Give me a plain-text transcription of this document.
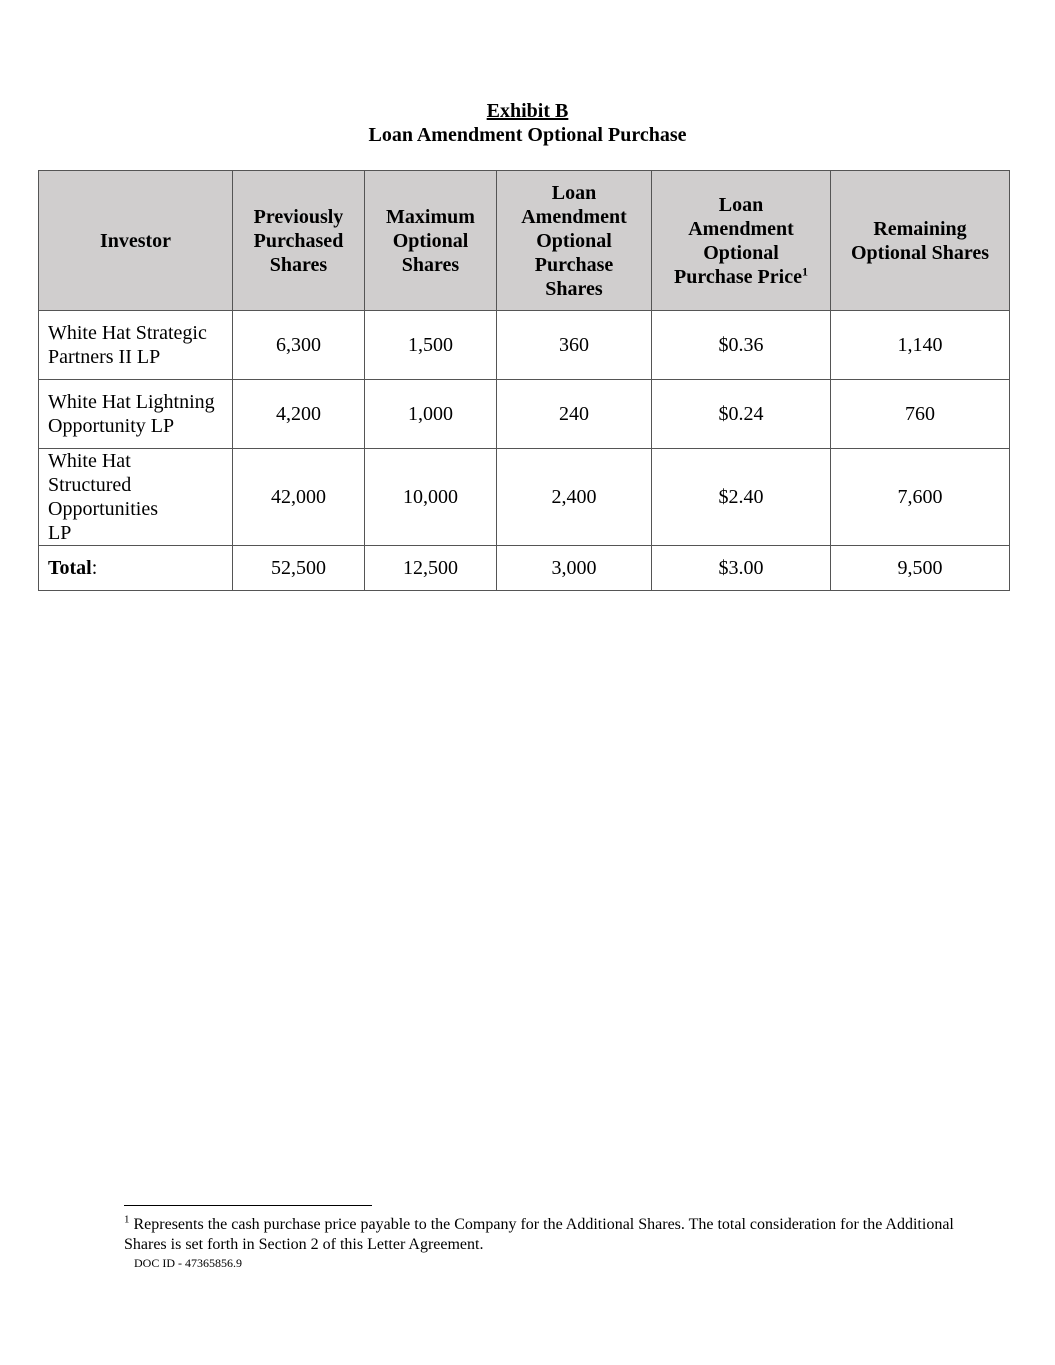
Exhibit B
Loan Amendment Optional Purchase
Investor	Previously Purchased Shares	Maximum Optional Shares	Loan Amendment Optional Purchase Shares	Loan Amendment Optional Purchase Price$^1$	Remaining Optional Shares
White Hat Strategic Partners II LP	6,300	1,500	360	$0.36	1,140
White Hat Lightning Opportunity LP	4,200	1,000	240	$0.24	760
White Hat Structured Opportunities LP	42,000	10,000	2,400	$2.40	7,600
Total:	52,500	12,500	3,000	$3.00	9,500
$^1$ Represents the cash purchase price payable to the Company for the Additional Shares. The total consideration for the Additional Shares is set forth in Section 2 of this Letter Agreement.
DOC ID - 47365856.9
